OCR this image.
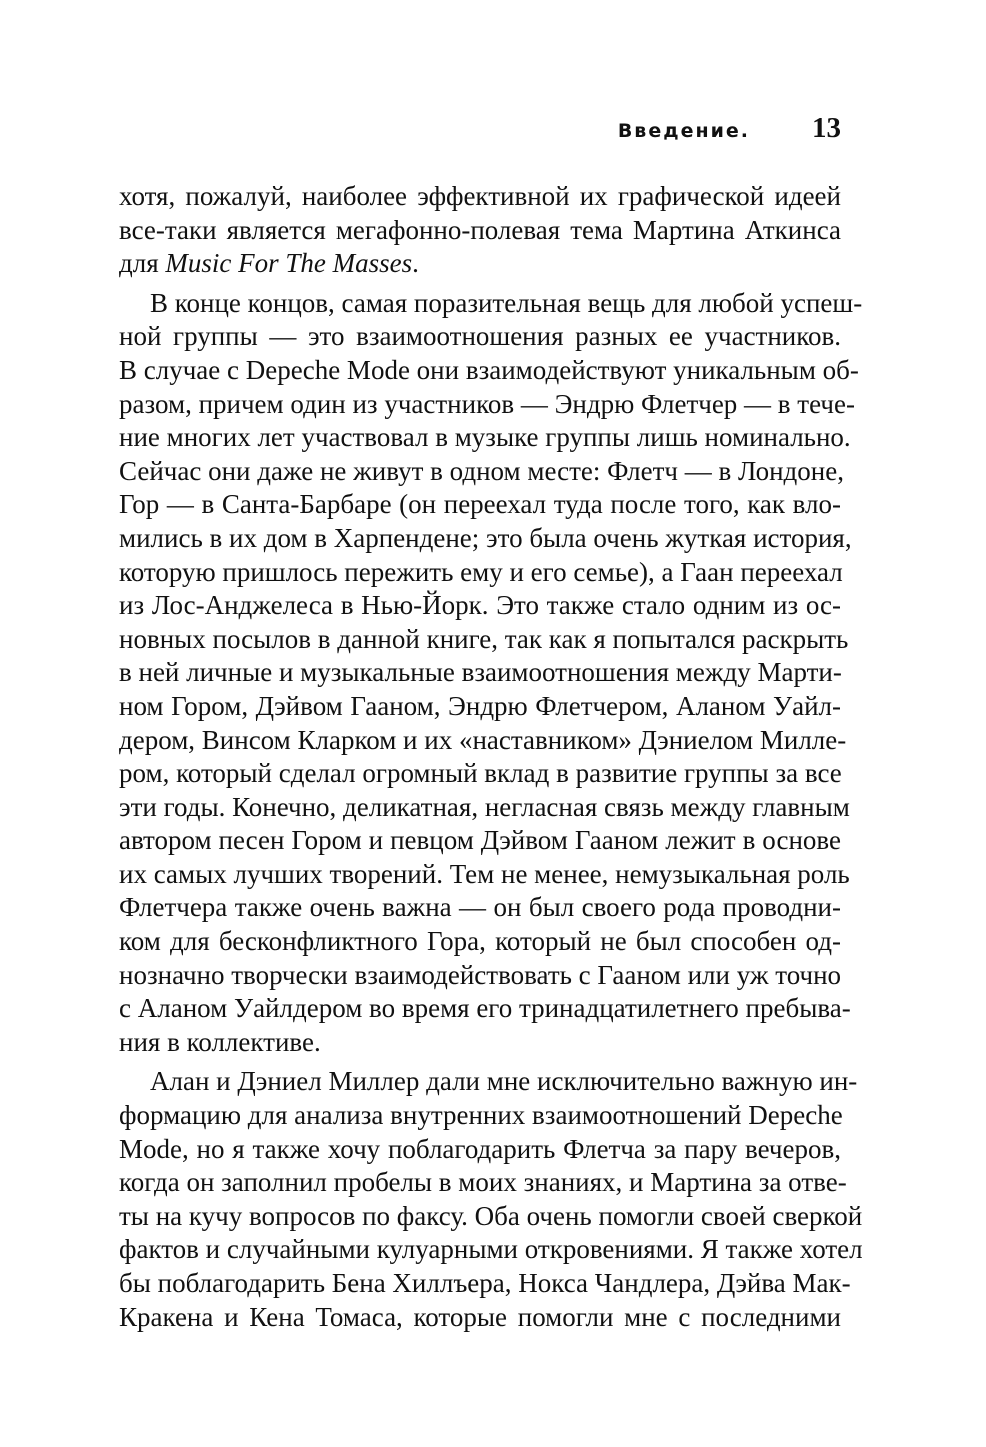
Введение. 13
хотя, пожалуй, наиболее эффективной их графической идеей
все-таки является мегафонно-полевая тема Мартина Аткинса
для Music For The Masses.
В конце концов, самая поразительная вещь для любой успеш-
ной группы — это взаимоотношения разных ее участников.
В случае с Depeche Mode они взаимодействуют уникальным об-
разом, причем один из участников — Эндрю Флетчер — в тече-
ние многих лет участвовал в музыке группы лишь номинально.
Сейчас они даже не живут в одном месте: Флетч — в Лондоне,
Гор — в Санта-Барбаре (он переехал туда после того, как вло-
мились в их дом в Харпендене; это была очень жуткая история,
которую пришлось пережить ему и его семье), а Гаан переехал
из Лос-Анджелеса в Нью-Йорк. Это также стало одним из ос-
новных посылов в данной книге, так как я попытался раскрыть
в ней личные и музыкальные взаимоотношения между Марти-
ном Гором, Дэйвом Гааном, Эндрю Флетчером, Аланом Уайл-
дером, Винсом Кларком и их «наставником» Дэниелом Милле-
ром, который сделал огромный вклад в развитие группы за все
эти годы. Конечно, деликатная, негласная связь между главным
автором песен Гором и певцом Дэйвом Гааном лежит в основе
их самых лучших творений. Тем не менее, немузыкальная роль
Флетчера также очень важна — он был своего рода проводни-
ком для бесконфликтного Гора, который не был способен од-
нозначно творчески взаимодействовать с Гааном или уж точно
с Аланом Уайлдером во время его тринадцатилетнего пребыва-
ния в коллективе.
Алан и Дэниел Миллер дали мне исключительно важную ин-
формацию для анализа внутренних взаимоотношений Depeche
Mode, но я также хочу поблагодарить Флетча за пару вечеров,
когда он заполнил пробелы в моих знаниях, и Мартина за отве-
ты на кучу вопросов по факсу. Оба очень помогли своей сверкой
фактов и случайными кулуарными откровениями. Я также хотел
бы поблагодарить Бена Хиллъера, Нокса Чандлера, Дэйва Мак-
Кракена и Кена Томаса, которые помогли мне с последними
